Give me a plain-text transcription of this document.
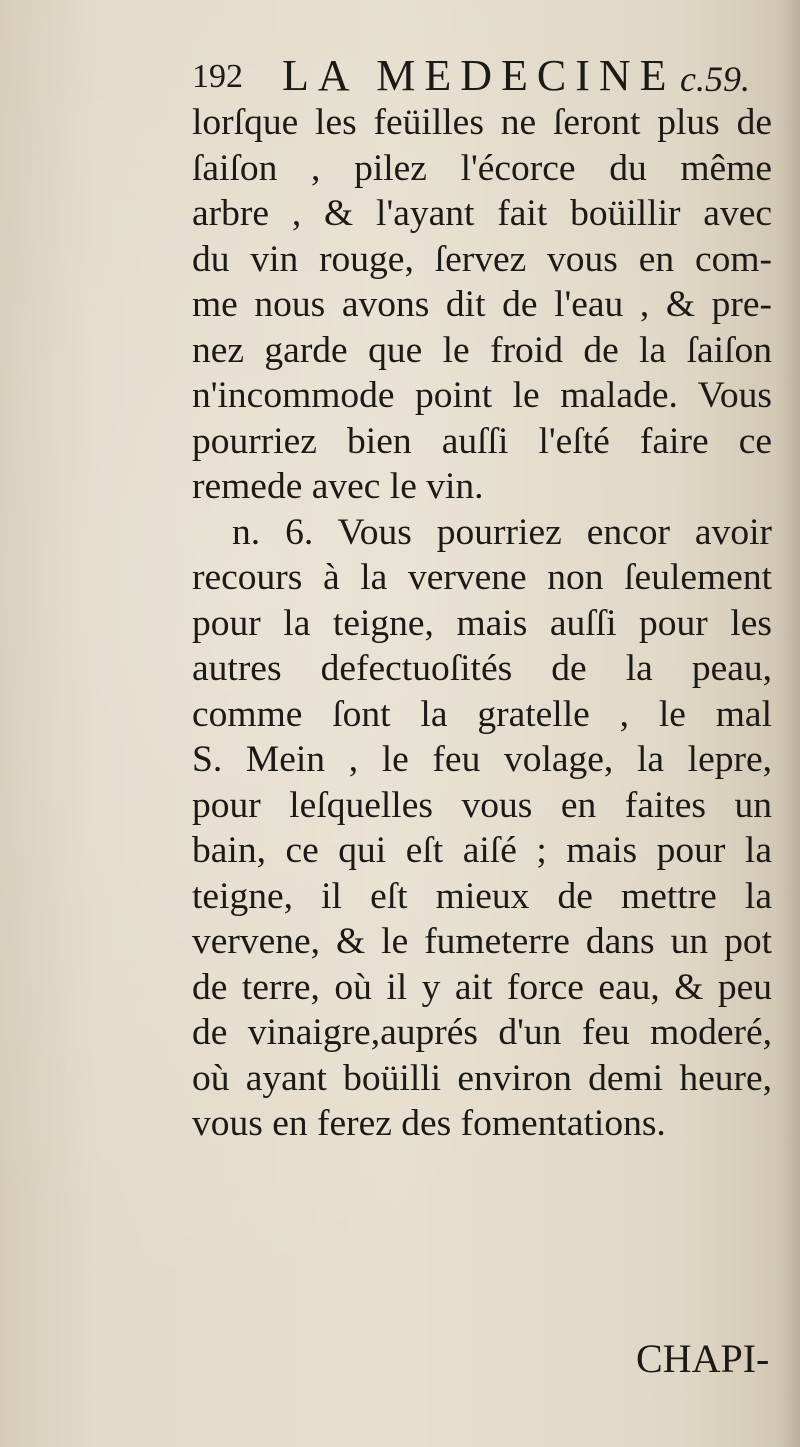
192 LA MEDECINE c.59.
lorſque les feüilles ne ſeront plus de
ſaiſon , pilez l'écorce du même
arbre , & l'ayant fait boüillir avec
du vin rouge, ſervez vous en com-
me nous avons dit de l'eau , & pre-
nez garde que le froid de la ſaiſon
n'incommode point le malade. Vous
pourriez bien auſſi l'eſté faire ce
remede avec le vin.
n. 6. Vous pourriez encor avoir
recours à la vervene non ſeulement
pour la teigne, mais auſſi pour les
autres defectuoſités de la peau,
comme ſont la gratelle , le mal
S. Mein , le feu volage, la lepre,
pour leſquelles vous en faites un
bain, ce qui eſt aiſé ; mais pour la
teigne, il eſt mieux de mettre la
vervene, & le fumeterre dans un pot
de terre, où il y ait force eau, & peu
de vinaigre,auprés d'un feu moderé,
où ayant boüilli environ demi heure,
vous en ferez des fomentations.
CHAPI-
